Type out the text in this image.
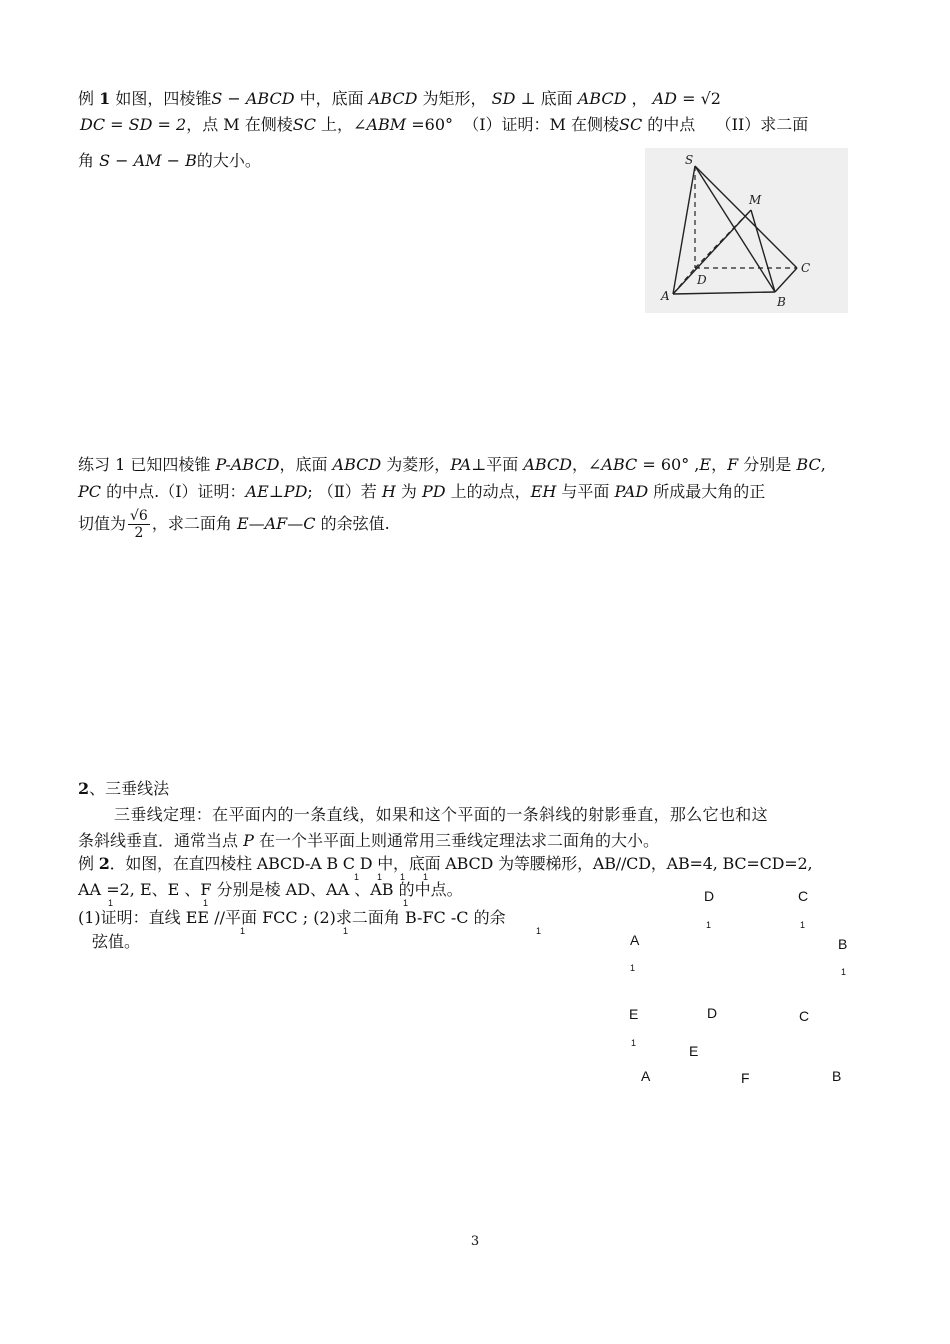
例 1 如图，四棱锥S − ABCD 中，底面 ABCD 为矩形， SD ⊥ 底面 ABCD ， AD = √2
DC = SD = 2，点 M 在侧棱SC 上，∠ABM =60° （I）证明：M 在侧棱SC 的中点 （II）求二面
角 S − AM − B的大小。	S
M
D
C
A	B
练习 1 已知四棱锥 P-ABCD，底面 ABCD 为菱形，PA⊥平面 ABCD，∠ABC = 60° ,E，F 分别是 BC,
PC 的中点.（Ⅰ）证明：AE⊥PD; （Ⅱ）若 H 为 PD 上的动点，EH 与平面 PAD 所成最大角的正
切值为 $\frac{√6}{2}$ ，求二面角 E—AF—C 的余弦值.
2、三垂线法
三垂线定理：在平面内的一条直线，如果和这个平面的一条斜线的射影垂直，那么它也和这
条斜线垂直．通常当点 P 在一个半平面上则通常用三垂线定理法求二面角的大小。
例 2．如图，在直四棱柱 ABCD-A B C D 中，底面 ABCD 为等腰梯形，AB//CD，AB=4, BC=CD=2,
AA =2, E、E 、F 分别是棱 AD、AA 、AB 的中点。
(1)证明：直线 EE //平面 FCC ; (2)求二面角 B-FC -C 的余
弦值。
1 1 1 1
1	1	1
1	1	1
D
1
C
1
A
1
B
1
E
1
D	C
E
A	F	B
3
